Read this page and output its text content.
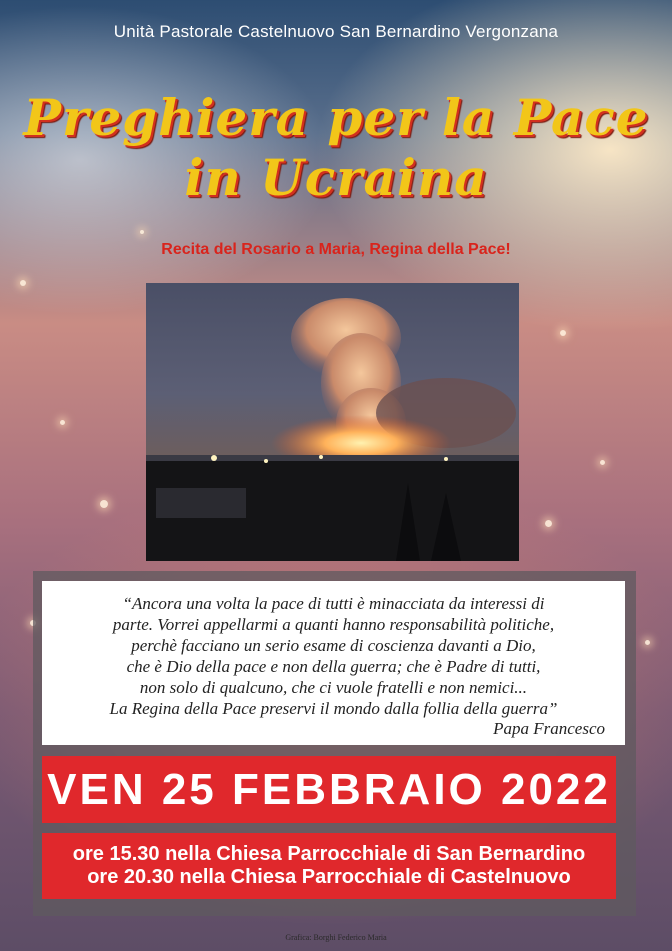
Unità Pastorale Castelnuovo San Bernardino Vergonzana
Preghiera per la Pace
in Ucraina
Recita del Rosario a Maria, Regina della Pace!
“Ancora una volta la pace di tutti è minacciata da interessi di
parte. Vorrei appellarmi a quanti hanno responsabilità politiche,
perchè facciano un serio esame di coscienza davanti a Dio,
che è Dio della pace e non della guerra; che è Padre di tutti,
non solo di qualcuno, che ci vuole fratelli e non nemici...
La Regina della Pace preservi il mondo dalla follia della guerra”
Papa Francesco
VEN 25 FEBBRAIO 2022
ore 15.30 nella Chiesa Parrocchiale di San Bernardino
ore 20.30 nella Chiesa Parrocchiale di Castelnuovo
Grafica: Borghi Federico Maria
